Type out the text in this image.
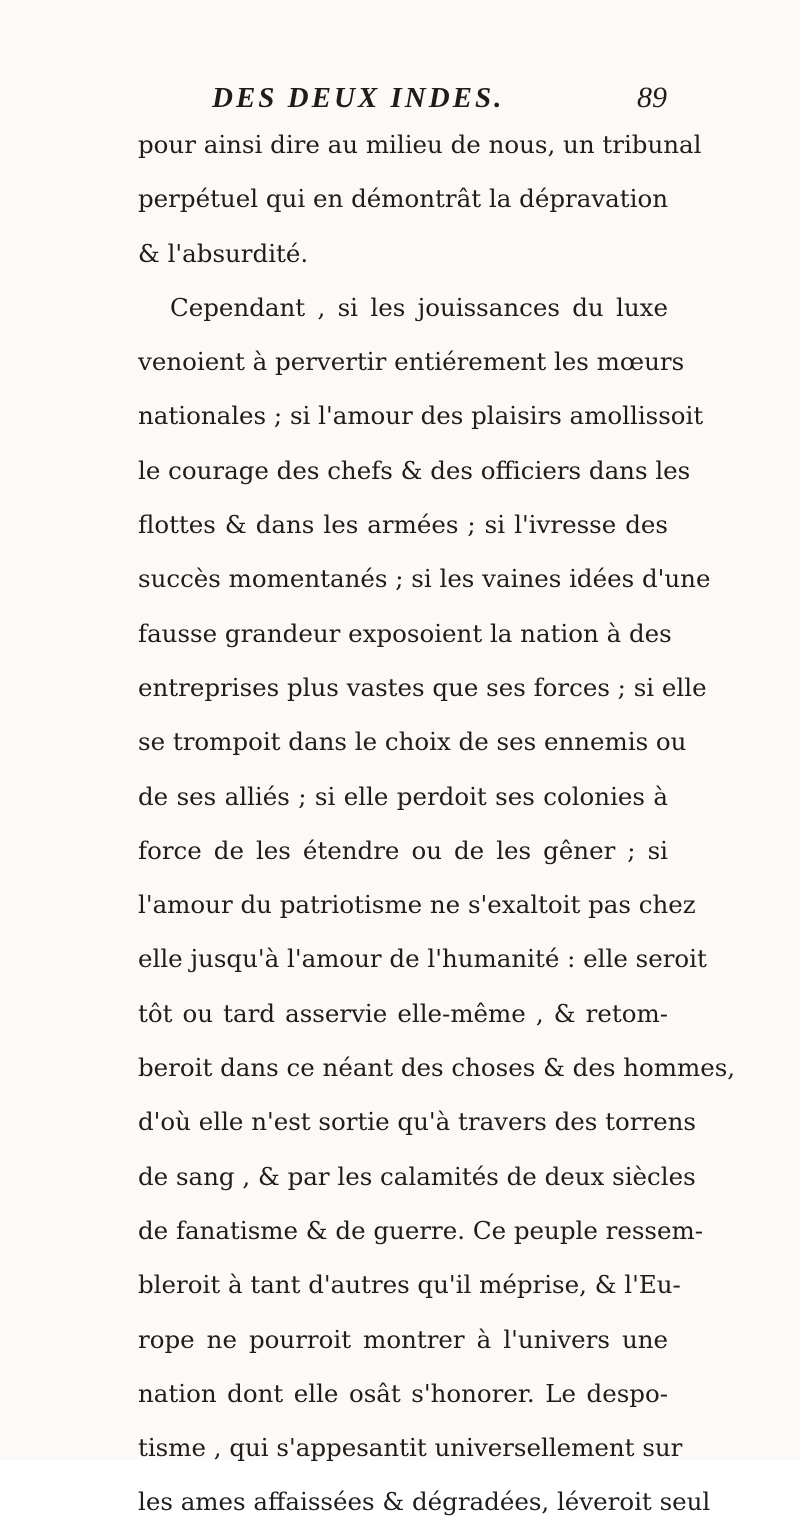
DES DEUX INDES.	89
pour ainsi dire au milieu de nous, un tribunal
perpétuel qui en démontrât la dépravation
& l'absurdité.
Cependant , si les jouissances du luxe
venoient à pervertir entiérement les mœurs
nationales ; si l'amour des plaisirs amollissoit
le courage des chefs & des officiers dans les
flottes & dans les armées ; si l'ivresse des
succès momentanés ; si les vaines idées d'une
fausse grandeur exposoient la nation à des
entreprises plus vastes que ses forces ; si elle
se trompoit dans le choix de ses ennemis ou
de ses alliés ; si elle perdoit ses colonies à
force de les étendre ou de les gêner ; si
l'amour du patriotisme ne s'exaltoit pas chez
elle jusqu'à l'amour de l'humanité : elle seroit
tôt ou tard asservie elle-même , & retom-
beroit dans ce néant des choses & des hommes,
d'où elle n'est sortie qu'à travers des torrens
de sang , & par les calamités de deux siècles
de fanatisme & de guerre. Ce peuple ressem-
bleroit à tant d'autres qu'il méprise, & l'Eu-
rope ne pourroit montrer à l'univers une
nation dont elle osât s'honorer. Le despo-
tisme , qui s'appesantit universellement sur
les ames affaissées & dégradées, léveroit seul
